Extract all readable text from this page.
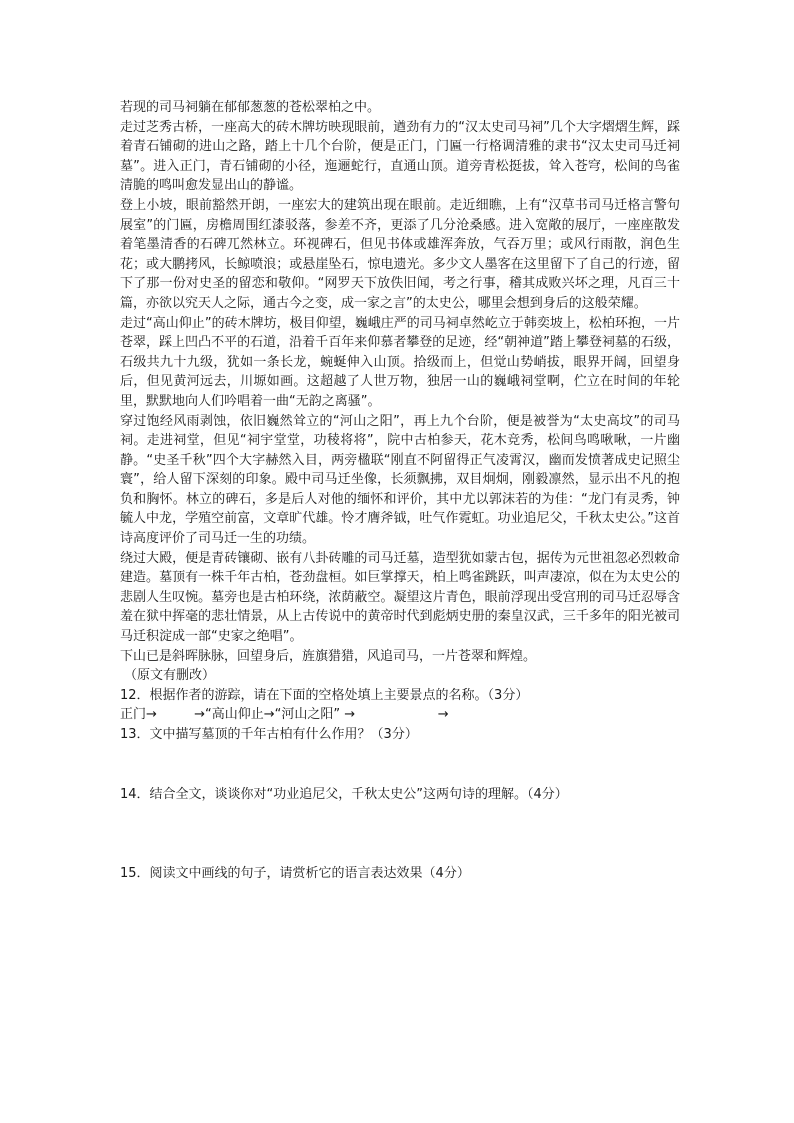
若现的司马祠躺在郁郁葱葱的苍松翠柏之中。

走过芝秀古桥，一座高大的砖木牌坊映现眼前，遒劲有力的“汉太史司马祠”几个大字熠熠生辉，踩着青石铺砌的进山之路，踏上十几个台阶，便是正门，门匾一行格调清雅的隶书“汉太史司马迁祠墓”。进入正门，青石铺砌的小径，迤逦蛇行，直通山顶。道旁青松挺拔，耸入苍穹，松间的鸟雀清脆的鸣叫愈发显出山的静谧。

登上小坡，眼前豁然开朗，一座宏大的建筑出现在眼前。走近细瞧，上有“汉草书司马迁格言警句展室”的门匾，房檐周围红漆驳落，参差不齐，更添了几分沧桑感。进入宽敞的展厅，一座座散发着笔墨清香的石碑兀然林立。环视碑石，但见书体或雄浑奔放，气吞万里；或风行雨散，润色生花；或大鹏拷风，长鲸喷浪；或悬崖坠石，惊电遗光。多少文人墨客在这里留下了自己的行迹，留下了那一份对史圣的留恋和敬仰。“网罗天下放佚旧闻，考之行事，稽其成败兴坏之理，凡百三十篇，亦欲以究天人之际，通古今之变，成一家之言”的太史公，哪里会想到身后的这般荣耀。

走过“高山仰止”的砖木牌坊，极目仰望，巍峨庄严的司马祠卓然屹立于韩奕坡上，松柏环抱，一片苍翠，踩上凹凸不平的石道，沿着千百年来仰慕者攀登的足迹，经“朝神道”踏上攀登祠墓的石级，石级共九十九级，犹如一条长龙，蜿蜒伸入山顶。拾级而上，但觉山势峭拔，眼界开阔，回望身后，但见黄河远去，川塬如画。这超越了人世万物，独居一山的巍峨祠堂啊，伫立在时间的年轮里，默默地向人们吟唱着一曲“无韵之离骚”。

穿过饱经风雨剥蚀，依旧巍然耸立的“河山之阳”，再上九个台阶，便是被誉为“太史高坟”的司马祠。走进祠堂，但见“祠宇堂堂，功稜将将”，院中古柏参天，花木竞秀，松间鸟鸣啾啾，一片幽静。“史圣千秋”四个大字赫然入目，两旁楹联“刚直不阿留得正气凌霄汉，幽而发愤著成史记照尘寰”，给人留下深刻的印象。殿中司马迁坐像，长须飘拂，双目炯炯，刚毅凛然，显示出不凡的抱负和胸怀。林立的碑石，多是后人对他的缅怀和评价，其中尤以郭沫若的为佳：“龙门有灵秀，钟毓人中龙，学殖空前富，文章旷代雄。怜才膺斧钺，吐气作霓虹。功业追尼父，千秋太史公。”这首诗高度评价了司马迁一生的功绩。

绕过大殿，便是青砖镶砌、嵌有八卦砖雕的司马迁墓，造型犹如蒙古包，据传为元世祖忽必烈敕命建造。墓顶有一株千年古柏，苍劲盘桓。如巨掌撑天，柏上鸣雀跳跃，叫声凄凉，似在为太史公的悲剧人生叹惋。墓旁也是古柏环绕，浓荫蔽空。凝望这片青色，眼前浮现出受宫刑的司马迁忍辱含羞在狱中挥毫的悲壮情景，从上古传说中的黄帝时代到彪炳史册的秦皇汉武，三千多年的阳光被司马迁积淀成一部“史家之绝唱”。

下山已是斜晖脉脉，回望身后，旌旗猎猎，风追司马，一片苍翠和辉煌。

（原文有删改）

12．根据作者的游踪，请在下面的空格处填上主要景点的名称。（3分）

正门→         →“高山仰止→“河山之阳” →                    →

13．文中描写墓顶的千年古柏有什么作用？（3分）

14．结合全文，谈谈你对“功业追尼父，千秋太史公”这两句诗的理解。（4分）

15．阅读文中画线的句子，请赏析它的语言表达效果（4分）
